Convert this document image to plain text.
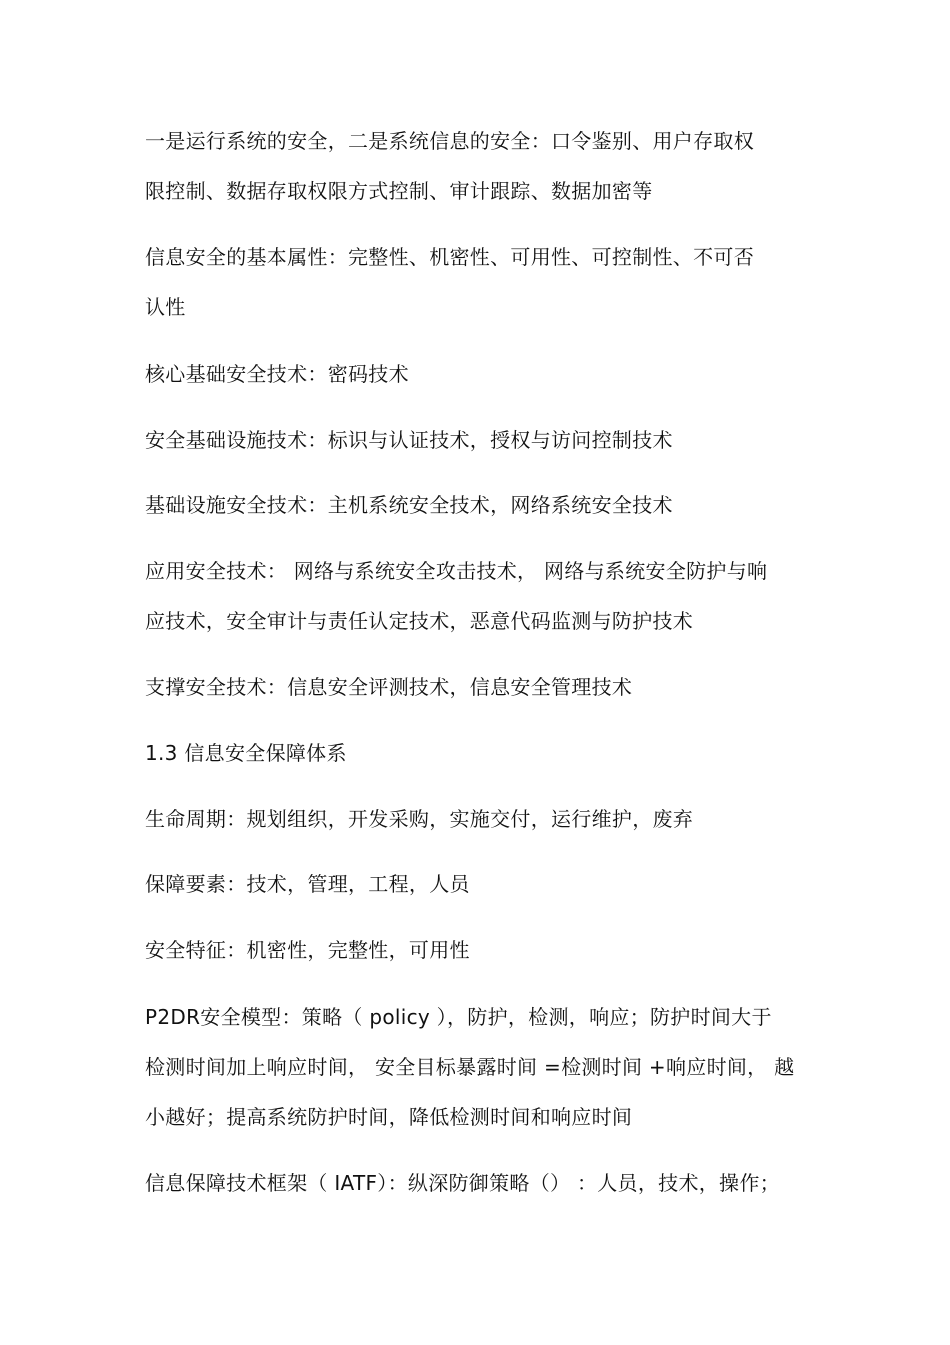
一是运行系统的安全，二是系统信息的安全：口令鉴别、用户存取权
限控制、数据存取权限方式控制、审计跟踪、数据加密等
信息安全的基本属性：完整性、机密性、可用性、可控制性、不可否
认性
核心基础安全技术：密码技术
安全基础设施技术：标识与认证技术，授权与访问控制技术
基础设施安全技术：主机系统安全技术，网络系统安全技术
应用安全技术： 网络与系统安全攻击技术， 网络与系统安全防护与响
应技术，安全审计与责任认定技术，恶意代码监测与防护技术
支撑安全技术：信息安全评测技术，信息安全管理技术
1.3 信息安全保障体系
生命周期：规划组织，开发采购，实施交付，运行维护，废弃
保障要素：技术，管理，工程，人员
安全特征：机密性，完整性，可用性
P2DR安全模型：策略（ policy ），防护，检测，响应；防护时间大于
检测时间加上响应时间， 安全目标暴露时间 =检测时间 +响应时间， 越
小越好；提高系统防护时间，降低检测时间和响应时间
信息保障技术框架（ IATF）：纵深防御策略（） ：人员，技术，操作；
